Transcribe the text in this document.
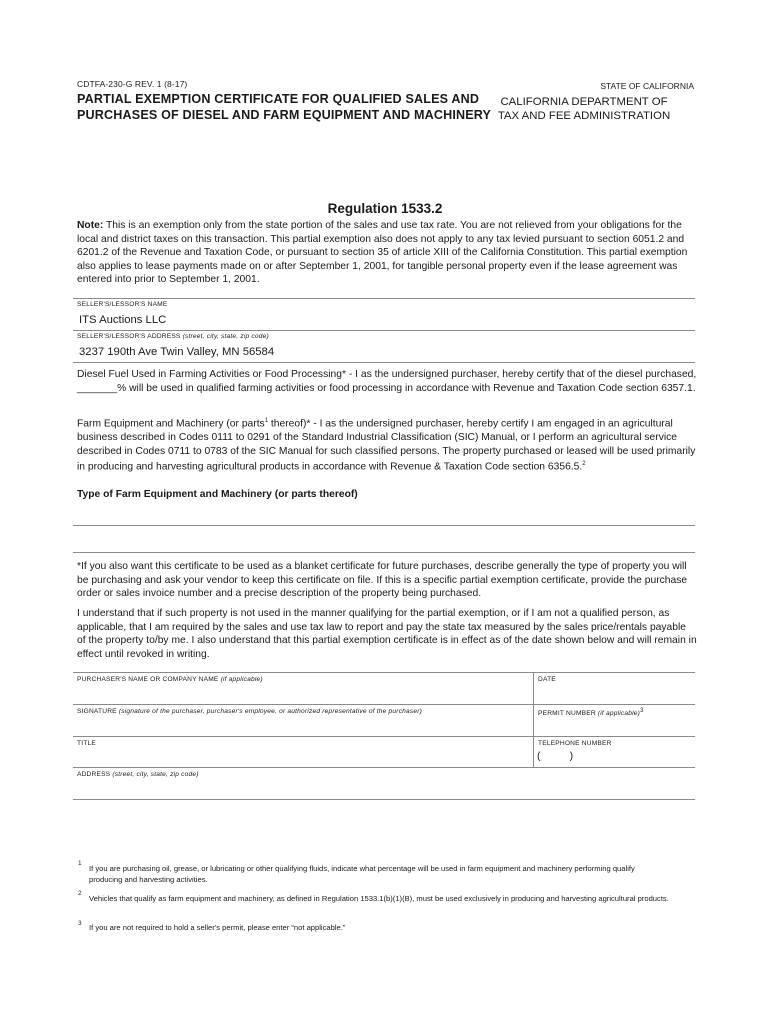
CDTFA-230-G REV. 1 (8-17)
PARTIAL EXEMPTION CERTIFICATE FOR QUALIFIED SALES AND
PURCHASES OF DIESEL AND FARM EQUIPMENT AND MACHINERY
STATE OF CALIFORNIA
CALIFORNIA DEPARTMENT OF
TAX AND FEE ADMINISTRATION
Regulation 1533.2
Note: This is an exemption only from the state portion of the sales and use tax rate. You are not relieved from your obligations for the local and district taxes on this transaction. This partial exemption also does not apply to any tax levied pursuant to section 6051.2 and 6201.2 of the Revenue and Taxation Code, or pursuant to section 35 of article XIII of the California Constitution. This partial exemption also applies to lease payments made on or after September 1, 2001, for tangible personal property even if the lease agreement was entered into prior to September 1, 2001.
SELLER'S/LESSOR'S NAME
ITS Auctions LLC
SELLER'S/LESSOR'S ADDRESS (street, city, state, zip code)
3237 190th Ave Twin Valley, MN 56584
Diesel Fuel Used in Farming Activities or Food Processing* - I as the undersigned purchaser, hereby certify that of the diesel purchased, _______% will be used in qualified farming activities or food processing in accordance with Revenue and Taxation Code section 6357.1.
Farm Equipment and Machinery (or parts$^1$ thereof)* - I as the undersigned purchaser, hereby certify I am engaged in an agricultural business described in Codes 0111 to 0291 of the Standard Industrial Classification (SIC) Manual, or I perform an agricultural service described in Codes 0711 to 0783 of the SIC Manual for such classified persons. The property purchased or leased will be used primarily in producing and harvesting agricultural products in accordance with Revenue & Taxation Code section 6356.5.$^2$
Type of Farm Equipment and Machinery (or parts thereof)
*If you also want this certificate to be used as a blanket certificate for future purchases, describe generally the type of property you will be purchasing and ask your vendor to keep this certificate on file. If this is a specific partial exemption certificate, provide the purchase order or sales invoice number and a precise description of the property being purchased.
I understand that if such property is not used in the manner qualifying for the partial exemption, or if I am not a qualified person, as applicable, that I am required by the sales and use tax law to report and pay the state tax measured by the sales price/rentals payable of the property to/by me. I also understand that this partial exemption certificate is in effect as of the date shown below and will remain in effect until revoked in writing.
PURCHASER'S NAME OR COMPANY NAME (if applicable)	DATE
SIGNATURE (signature of the purchaser, purchaser's employee, or authorized representative of the purchaser)	PERMIT NUMBER (if applicable)$^3$
TITLE	TELEPHONE NUMBER
(          )
ADDRESS (street, city, state, zip code)
1
If you are purchasing oil, grease, or lubricating or other qualifying fluids, indicate what percentage will be used in farm equipment and machinery performing qualify producing and harvesting activities.
2
Vehicles that qualify as farm equipment and machinery, as defined in Regulation 1533.1(b)(1)(B), must be used exclusively in producing and harvesting agricultural products.
3 If you are not required to hold a seller's permit, please enter “not applicable.”
